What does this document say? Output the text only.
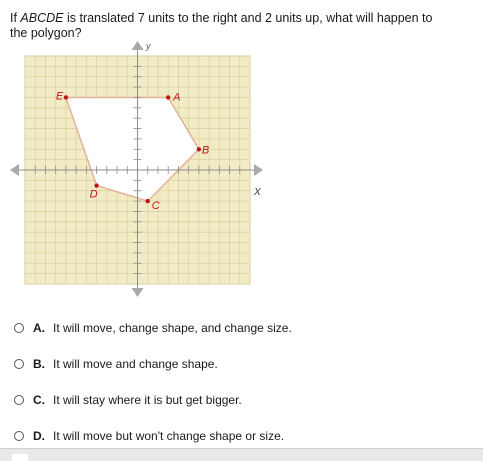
If ABCDE is translated 7 units to the right and 2 units up, what will happen to the polygon?
A
B
C
D
E
X
y
A. It will move, change shape, and change size.
B. It will move and change shape.
C. It will stay where it is but get bigger.
D. It will move but won't change shape or size.
